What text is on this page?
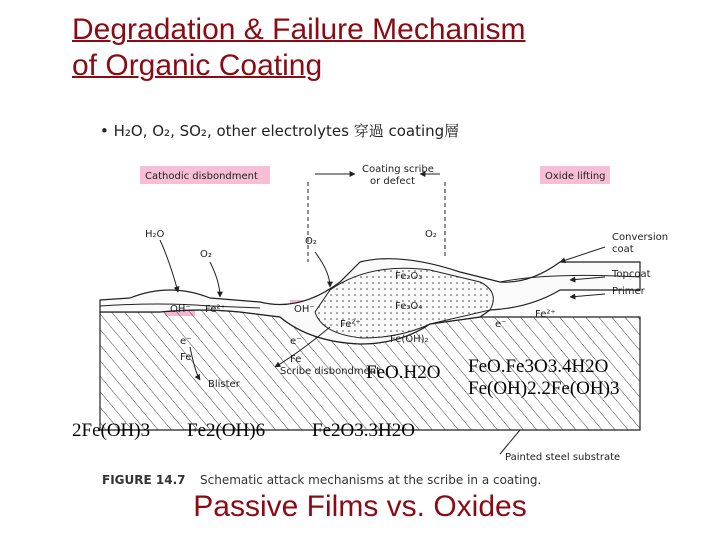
Degradation & Failure Mechanism
of Organic Coating
• H₂O, O₂, SO₂, other electrolytes 穿過 coating層
Cathodic disbondment
Coating scribe
or defect	Oxide lifting
H₂O
O₂
O₂
O₂
Fe₂O₃
Fe₃O₄
Fe(OH)₂
OH⁻ Fe²⁺	OH⁻
Fe²⁺
Fe²⁺
e⁻	e⁻
e⁻
Fe	Fe
Conversion
coat
Topcoat
Primer
Blister
Scribe disbondment
Painted steel substrate
FIGURE 14.7 Schematic attack mechanisms at the scribe in a coating.
FeO.H2O FeO.Fe3O3.4H2O
Fe(OH)2.2Fe(OH)3
2Fe(OH)3 Fe2(OH)6 Fe2O3.3H2O
Passive Films vs. Oxides
